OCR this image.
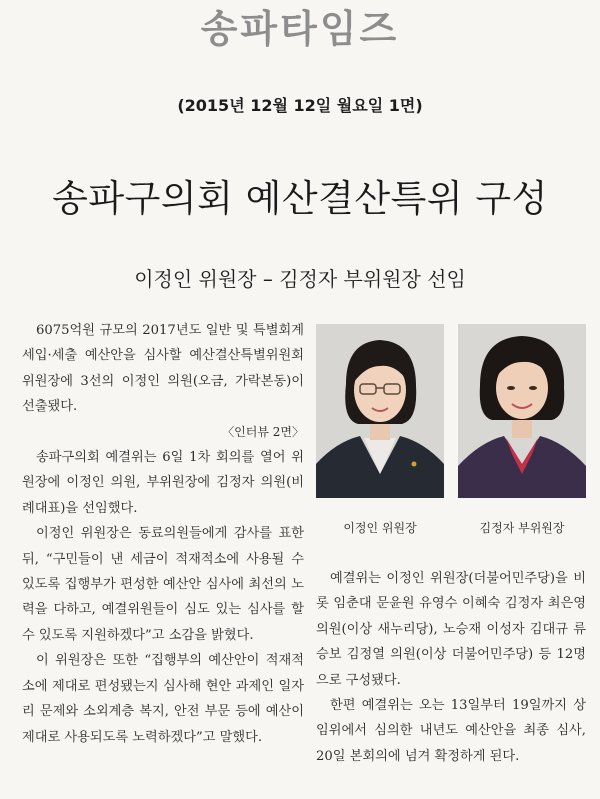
송파타임즈
(2015년 12월 12일 월요일 1면)
송파구의회 예산결산특위 구성
이정인 위원장 – 김정자 부위원장 선임

6075억원 규모의 2017년도 일반 및 특별회계 세입·세출 예산안을 심사할 예산결산특별위원회 위원장에 3선의 이정인 의원(오금, 가락본동)이 선출됐다.

〈인터뷰 2면〉

송파구의회 예결위는 6일 1차 회의를 열어 위원장에 이정인 의원, 부위원장에 김정자 의원(비례대표)을 선임했다.

이정인 위원장은 동료의원들에게 감사를 표한 뒤, “구민들이 낸 세금이 적재적소에 사용될 수 있도록 집행부가 편성한 예산안 심사에 최선의 노력을 다하고, 예결위원들이 심도 있는 심사를 할 수 있도록 지원하겠다”고 소감을 밝혔다.

이 위원장은 또한 “집행부의 예산안이 적재적소에 제대로 편성됐는지 심사해 현안 과제인 일자리 문제와 소외계층 복지, 안전 부문 등에 예산이 제대로 사용되도록 노력하겠다”고 말했다.

이정인 위원장	김정자 부위원장

예결위는 이정인 위원장(더불어민주당)을 비롯 임춘대 문윤원 유영수 이혜숙 김정자 최은영 의원(이상 새누리당), 노승재 이성자 김대규 류승보 김정열 의원(이상 더불어민주당) 등 12명으로 구성됐다.

한편 예결위는 오는 13일부터 19일까지 상임위에서 심의한 내년도 예산안을 최종 심사, 20일 본회의에 넘겨 확정하게 된다.
